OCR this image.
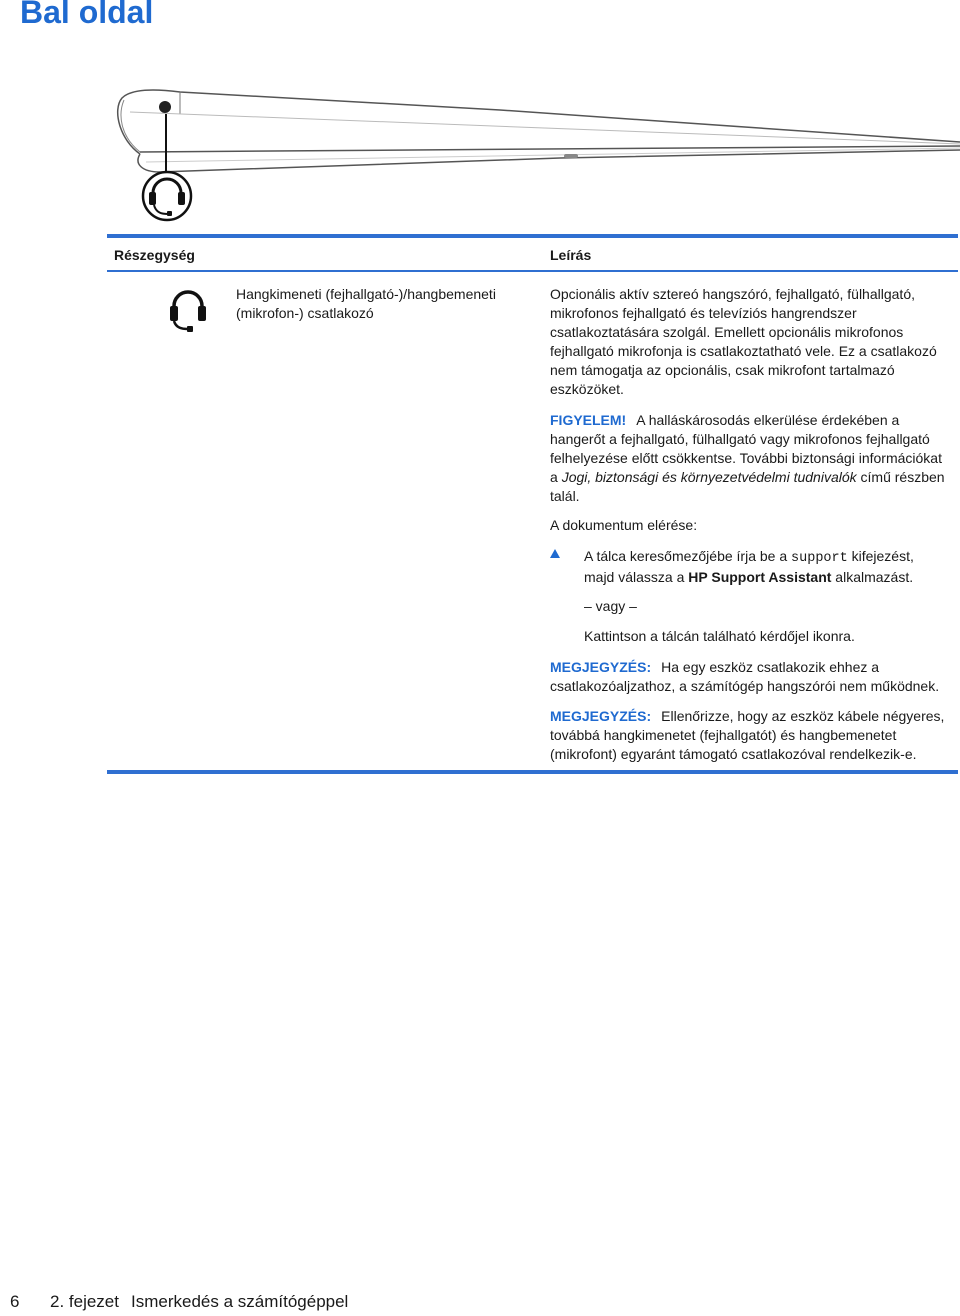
Bal oldal
Részegység	Leírás
Hangkimeneti (fejhallgató-)/hangbemeneti (mikrofon-) csatlakozó
Opcionális aktív sztereó hangszóró, fejhallgató, fülhallgató, mikrofonos fejhallgató és televíziós hangrendszer csatlakoztatására szolgál. Emellett opcionális mikrofonos fejhallgató mikrofonja is csatlakoztatható vele. Ez a csatlakozó nem támogatja az opcionális, csak mikrofont tartalmazó eszközöket.
FIGYELEM! A halláskárosodás elkerülése érdekében a hangerőt a fejhallgató, fülhallgató vagy mikrofonos fejhallgató felhelyezése előtt csökkentse. További biztonsági információkat a Jogi, biztonsági és környezetvédelmi tudnivalók című részben talál.
A dokumentum elérése:
A tálca keresőmezőjébe írja be a support kifejezést, majd válassza a HP Support Assistant alkalmazást.
– vagy –
Kattintson a tálcán található kérdőjel ikonra.
MEGJEGYZÉS: Ha egy eszköz csatlakozik ehhez a csatlakozóaljzathoz, a számítógép hangszórói nem működnek.
MEGJEGYZÉS: Ellenőrizze, hogy az eszköz kábele négyeres, továbbá hangkimenetet (fejhallgatót) és hangbemenetet (mikrofont) egyaránt támogató csatlakozóval rendelkezik-e.
6 2. fejezet Ismerkedés a számítógéppel
